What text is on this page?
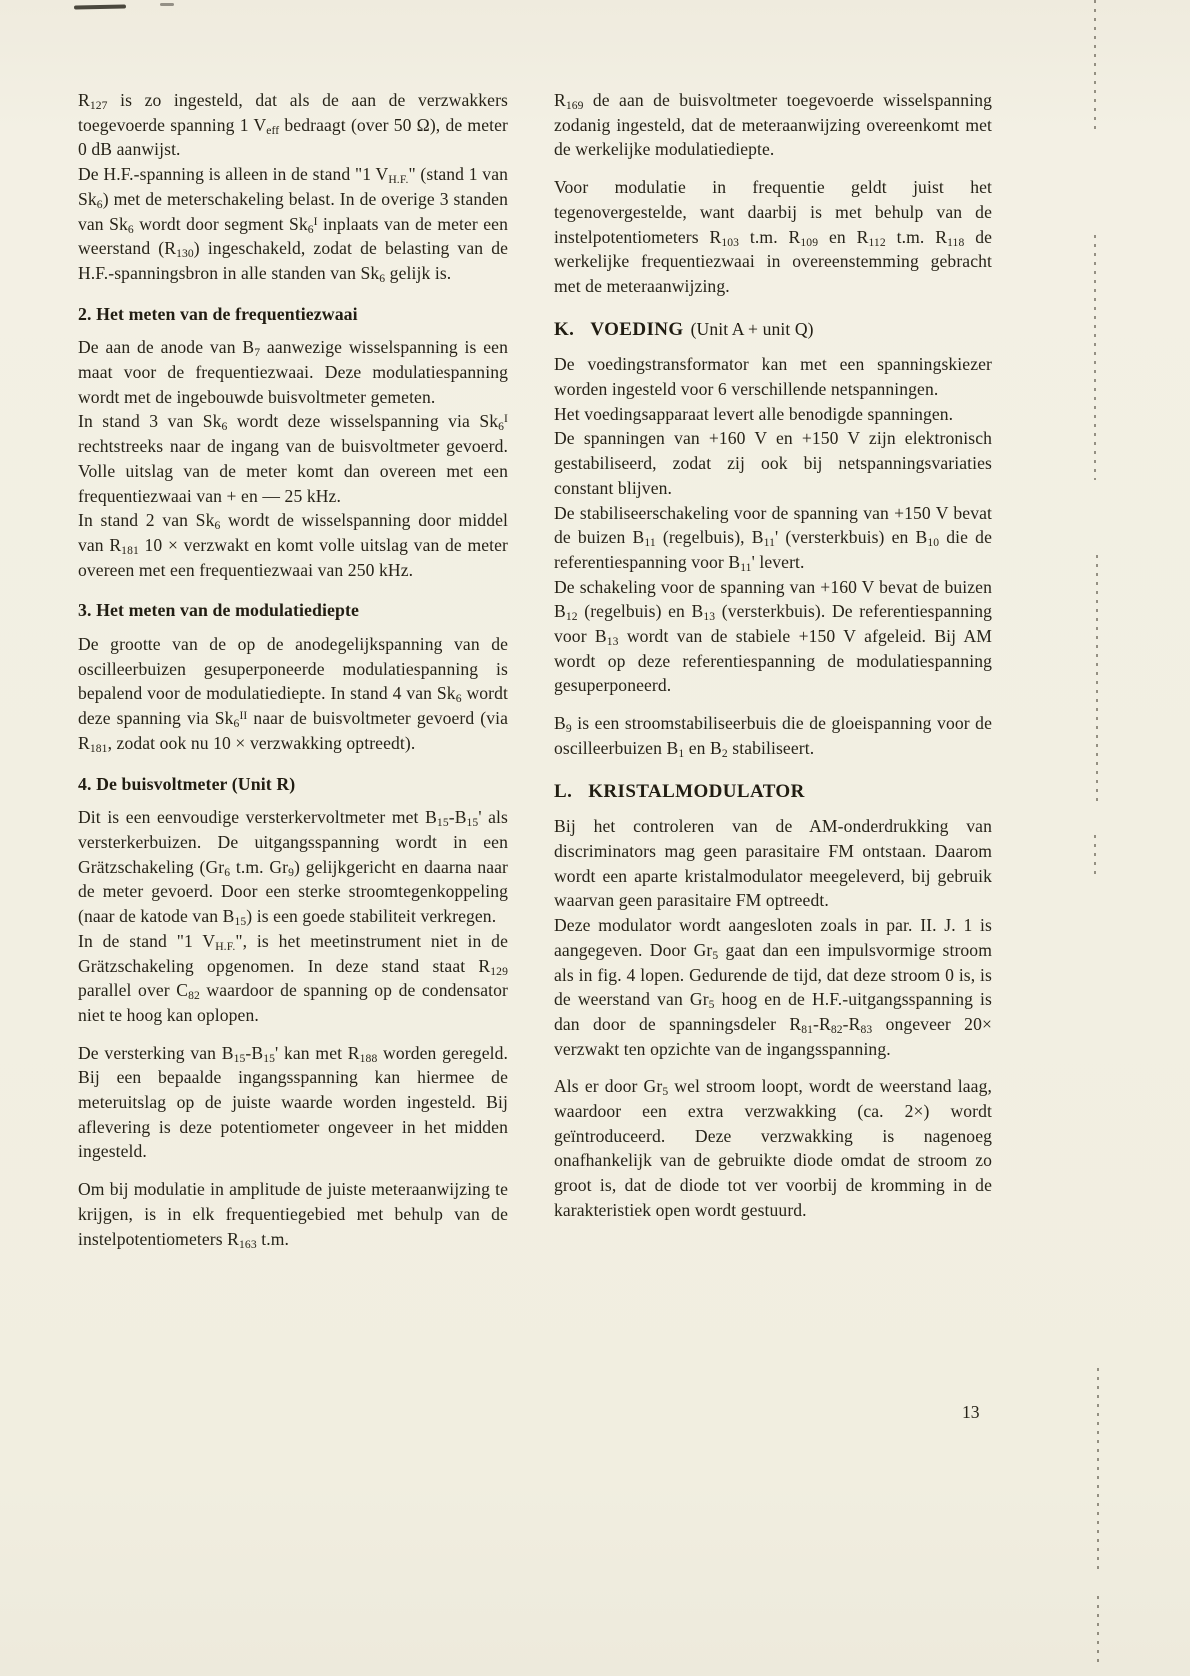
$R_{127}$ is zo ingesteld, dat als de aan de verzwakkers toegevoerde spanning 1 $V_{eff}$ bedraagt (over 50 Ω), de meter 0 dB aanwijst.

De H.F.-spanning is alleen in de stand "1 $V_{H.F.}$" (stand 1 van $Sk_6$) met de meterschakeling belast. In de overige 3 standen van $Sk_6$ wordt door segment $Sk_6^I$ inplaats van de meter een weerstand $(R_{130})$ ingeschakeld, zodat de belasting van de H.F.-spanningsbron in alle standen van $Sk_6$ gelijk is.

2. Het meten van de frequentiezwaai

De aan de anode van $B_7$ aanwezige wisselspanning is een maat voor de frequentiezwaai. Deze modulatiespanning wordt met de ingebouwde buisvoltmeter gemeten.

In stand 3 van $Sk_6$ wordt deze wisselspanning via $Sk_6^I$ rechtstreeks naar de ingang van de buisvoltmeter gevoerd. Volle uitslag van de meter komt dan overeen met een frequentiezwaai van + en — 25 kHz.

In stand 2 van $Sk_6$ wordt de wisselspanning door middel van $R_{181}$ 10 × verzwakt en komt volle uitslag van de meter overeen met een frequentiezwaai van 250 kHz.

3. Het meten van de modulatiediepte

De grootte van de op de anodegelijkspanning van de oscilleerbuizen gesuperponeerde modulatiespanning is bepalend voor de modulatiediepte. In stand 4 van $Sk_6$ wordt deze spanning via $Sk_6^{II}$ naar de buisvoltmeter gevoerd (via $R_{181}$, zodat ook nu 10 × verzwakking optreedt).

4. De buisvoltmeter (Unit R)

Dit is een eenvoudige versterkervoltmeter met $B_{15}-B_{15}'$ als versterkerbuizen. De uitgangsspanning wordt in een Grätzschakeling ($Gr_6$ t.m. $Gr_9$) gelijkgericht en daarna naar de meter gevoerd. Door een sterke stroomtegenkoppeling (naar de katode van $B_{15}$) is een goede stabiliteit verkregen.

In de stand "1 $V_{H.F.}$", is het meetinstrument niet in de Grätzschakeling opgenomen. In deze stand staat $R_{129}$ parallel over $C_{82}$ waardoor de spanning op de condensator niet te hoog kan oplopen.

De versterking van $B_{15}-B_{15}'$ kan met $R_{188}$ worden geregeld. Bij een bepaalde ingangsspanning kan hiermee de meteruitslag op de juiste waarde worden ingesteld. Bij aflevering is deze potentiometer ongeveer in het midden ingesteld.

Om bij modulatie in amplitude de juiste meteraanwijzing te krijgen, is in elk frequentiegebied met behulp van de instelpotentiometers $R_{163}$ t.m.

$R_{169}$ de aan de buisvoltmeter toegevoerde wisselspanning zodanig ingesteld, dat de meteraanwijzing overeenkomt met de werkelijke modulatiediepte.

Voor modulatie in frequentie geldt juist het tegenovergestelde, want daarbij is met behulp van de instelpotentiometers $R_{103}$ t.m. $R_{109}$ en $R_{112}$ t.m. $R_{118}$ de werkelijke frequentiezwaai in overeenstemming gebracht met de meteraanwijzing.

K. VOEDING (Unit A + unit Q)

De voedingstransformator kan met een spanningskiezer worden ingesteld voor 6 verschillende netspanningen.

Het voedingsapparaat levert alle benodigde spanningen.

De spanningen van +160 V en +150 V zijn elektronisch gestabiliseerd, zodat zij ook bij netspanningsvariaties constant blijven.

De stabiliseerschakeling voor de spanning van +150 V bevat de buizen $B_{11}$ (regelbuis), $B_{11}'$ (versterkbuis) en $B_{10}$ die de referentiespanning voor $B_{11}'$ levert.

De schakeling voor de spanning van +160 V bevat de buizen $B_{12}$ (regelbuis) en $B_{13}$ (versterkbuis). De referentiespanning voor $B_{13}$ wordt van de stabiele +150 V afgeleid. Bij AM wordt op deze referentiespanning de modulatiespanning gesuperponeerd.

$B_9$ is een stroomstabiliseerbuis die de gloeispanning voor de oscilleerbuizen $B_1$ en $B_2$ stabiliseert.

L. KRISTALMODULATOR

Bij het controleren van de AM-onderdrukking van discriminators mag geen parasitaire FM ontstaan. Daarom wordt een aparte kristalmodulator meegeleverd, bij gebruik waarvan geen parasitaire FM optreedt.

Deze modulator wordt aangesloten zoals in par. II. J. 1 is aangegeven. Door $Gr_5$ gaat dan een impulsvormige stroom als in fig. 4 lopen. Gedurende de tijd, dat deze stroom 0 is, is de weerstand van $Gr_5$ hoog en de H.F.-uitgangsspanning is dan door de spanningsdeler $R_{81}-R_{82}-R_{83}$ ongeveer 20× verzwakt ten opzichte van de ingangsspanning.

Als er door $Gr_5$ wel stroom loopt, wordt de weerstand laag, waardoor een extra verzwakking (ca. 2×) wordt geïntroduceerd. Deze verzwakking is nagenoeg onafhankelijk van de gebruikte diode omdat de stroom zo groot is, dat de diode tot ver voorbij de kromming in de karakteristiek open wordt gestuurd.

13
